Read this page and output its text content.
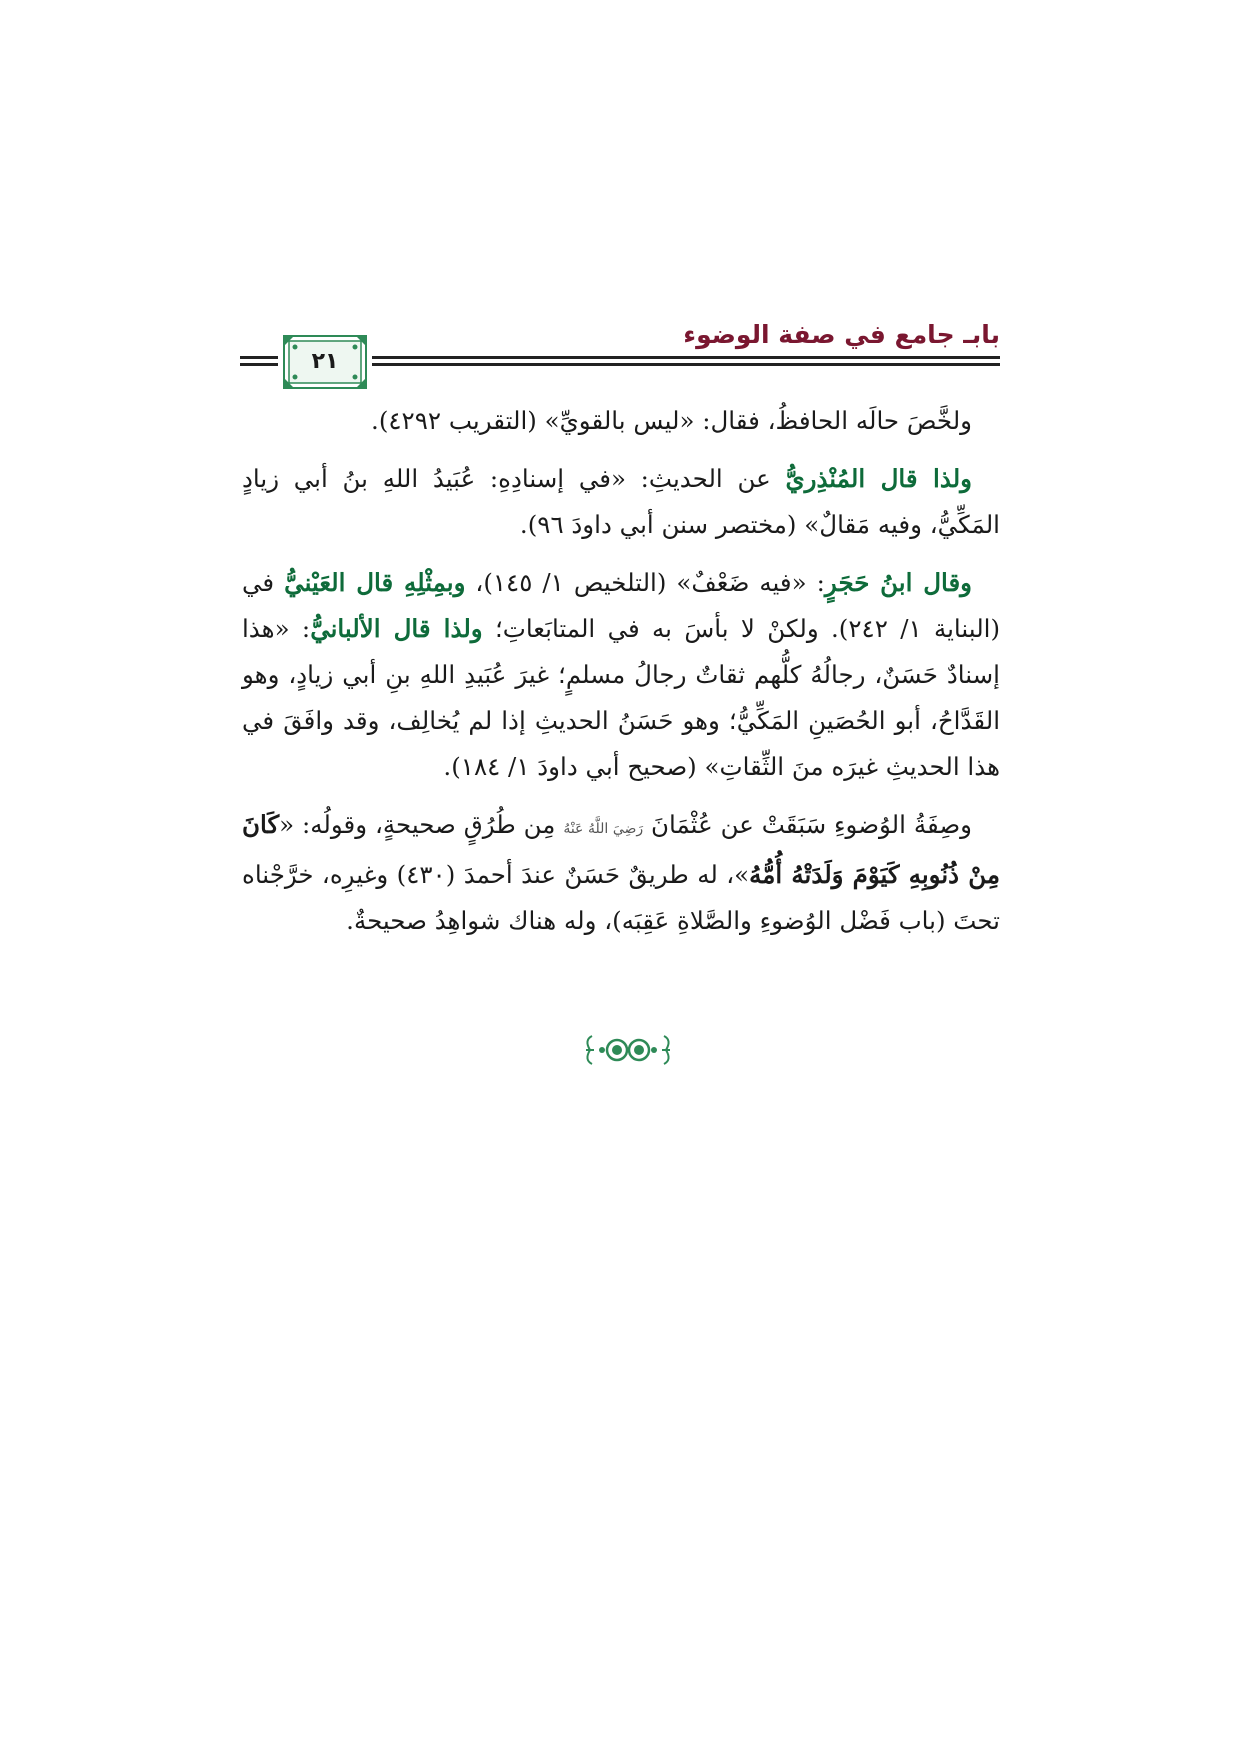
بابـ جامع في صفة الوضوء
٢١

ولخَّصَ حالَه الحافظُ، فقال: «ليس بالقويِّ» (التقريب ٤٢٩٢).

ولذا قال المُنْذِريُّ عن الحديثِ: «في إسنادِهِ: عُبَيدُ اللهِ بنُ أبي زيادٍ المَكِّيُّ، وفيه مَقالٌ» (مختصر سنن أبي داودَ ٩٦).

وقال ابنُ حَجَرٍ: «فيه ضَعْفٌ» (التلخيص ١/ ١٤٥)، وبمِثْلِهِ قال العَيْنيُّ في (البناية ١/ ٢٤٢). ولكنْ لا بأسَ به في المتابَعاتِ؛ ولذا قال الألبانيُّ: «هذا إسنادٌ حَسَنٌ، رجالُهُ كلُّهم ثقاتٌ رجالُ مسلمٍ؛ غيرَ عُبَيدِ اللهِ بنِ أبي زيادٍ، وهو القَدَّاحُ، أبو الحُصَينِ المَكِّيُّ؛ وهو حَسَنُ الحديثِ إذا لم يُخالِف، وقد وافَقَ في هذا الحديثِ غيرَه منَ الثِّقاتِ» (صحيح أبي داودَ ١/ ١٨٤).

وصِفَةُ الوُضوءِ سَبَقَتْ عن عُثْمَانَ رَضِيَ اللَّهُ عَنْهُ مِن طُرُقٍ صحيحةٍ، وقولُه: «كَانَ مِنْ ذُنُوبِهِ كَيَوْمَ وَلَدَتْهُ أُمُّهُ»، له طريقٌ حَسَنٌ عندَ أحمدَ (٤٣٠) وغيرِه، خرَّجْناه تحتَ (باب فَضْل الوُضوءِ والصَّلاةِ عَقِبَه)، وله هناك شواهِدُ صحيحةٌ.
